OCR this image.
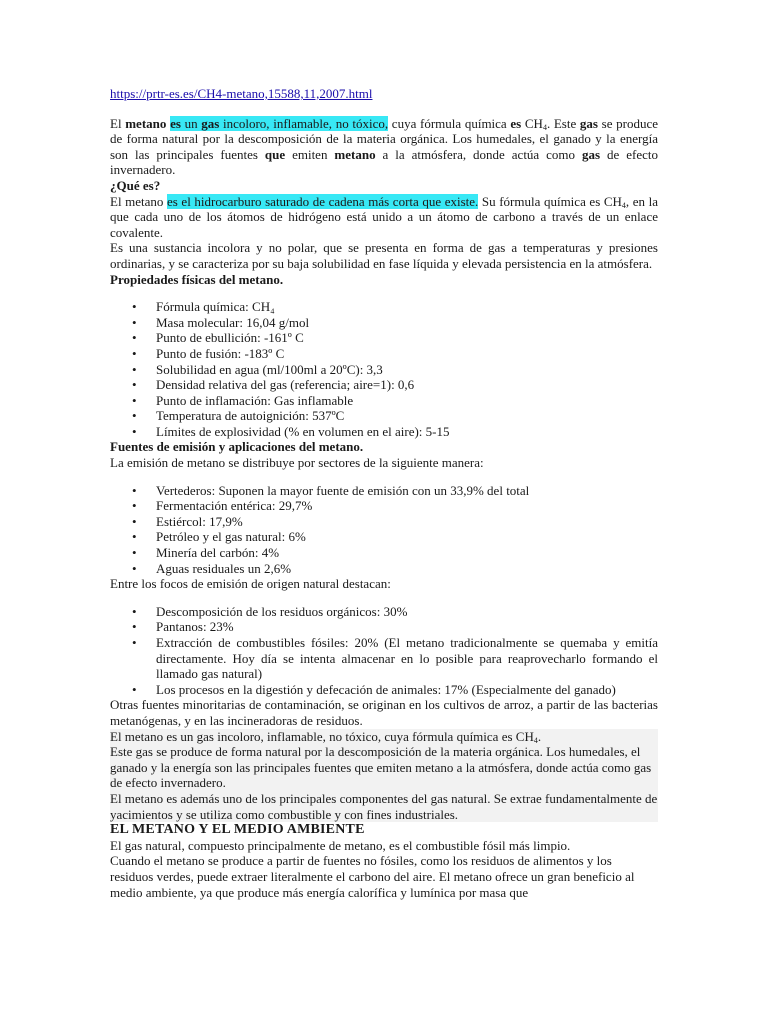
https://prtr-es.es/CH4-metano,15588,11,2007.html

El metano es un gas incoloro, inflamable, no tóxico, cuya fórmula química es $CH_4$. Este gas se produce de forma natural por la descomposición de la materia orgánica. Los humedales, el ganado y la energía son las principales fuentes que emiten metano a la atmósfera, donde actúa como gas de efecto invernadero.

¿Qué es?

El metano es el hidrocarburo saturado de cadena más corta que existe. Su fórmula química es $CH_4$, en la que cada uno de los átomos de hidrógeno está unido a un átomo de carbono a través de un enlace covalente.

Es una sustancia incolora y no polar, que se presenta en forma de gas a temperaturas y presiones ordinarias, y se caracteriza por su baja solubilidad en fase líquida y elevada persistencia en la atmósfera.

Propiedades físicas del metano.

• Fórmula química: CH₄
• Masa molecular: 16,04 g/mol
• Punto de ebullición: -161º C
• Punto de fusión: -183º C
• Solubilidad en agua (ml/100ml a 20ºC): 3,3
• Densidad relativa del gas (referencia; aire=1): 0,6
• Punto de inflamación: Gas inflamable
• Temperatura de autoignición: 537ºC
• Límites de explosividad (% en volumen en el aire): 5-15

Fuentes de emisión y aplicaciones del metano.

La emisión de metano se distribuye por sectores de la siguiente manera:

• Vertederos: Suponen la mayor fuente de emisión con un 33,9% del total
• Fermentación entérica: 29,7%
• Estiércol: 17,9%
• Petróleo y el gas natural: 6%
• Minería del carbón: 4%
• Aguas residuales un 2,6%

Entre los focos de emisión de origen natural destacan:

• Descomposición de los residuos orgánicos: 30%
• Pantanos: 23%
• Extracción de combustibles fósiles: 20% (El metano tradicionalmente se quemaba y emitía directamente. Hoy día se intenta almacenar en lo posible para reaprovecharlo formando el llamado gas natural)
• Los procesos en la digestión y defecación de animales: 17% (Especialmente del ganado)

Otras fuentes minoritarias de contaminación, se originan en los cultivos de arroz, a partir de las bacterias metanógenas, y en las incineradoras de residuos.

El metano es un gas incoloro, inflamable, no tóxico, cuya fórmula química es $CH_4$.

Este gas se produce de forma natural por la descomposición de la materia orgánica. Los humedales, el ganado y la energía son las principales fuentes que emiten metano a la atmósfera, donde actúa como gas de efecto invernadero.

El metano es además uno de los principales componentes del gas natural. Se extrae fundamentalmente de yacimientos y se utiliza como combustible y con fines industriales.

EL METANO Y EL MEDIO AMBIENTE

El gas natural, compuesto principalmente de metano, es el combustible fósil más limpio.

Cuando el metano se produce a partir de fuentes no fósiles, como los residuos de alimentos y los residuos verdes, puede extraer literalmente el carbono del aire. El metano ofrece un gran beneficio al medio ambiente, ya que produce más energía calorífica y lumínica por masa que
